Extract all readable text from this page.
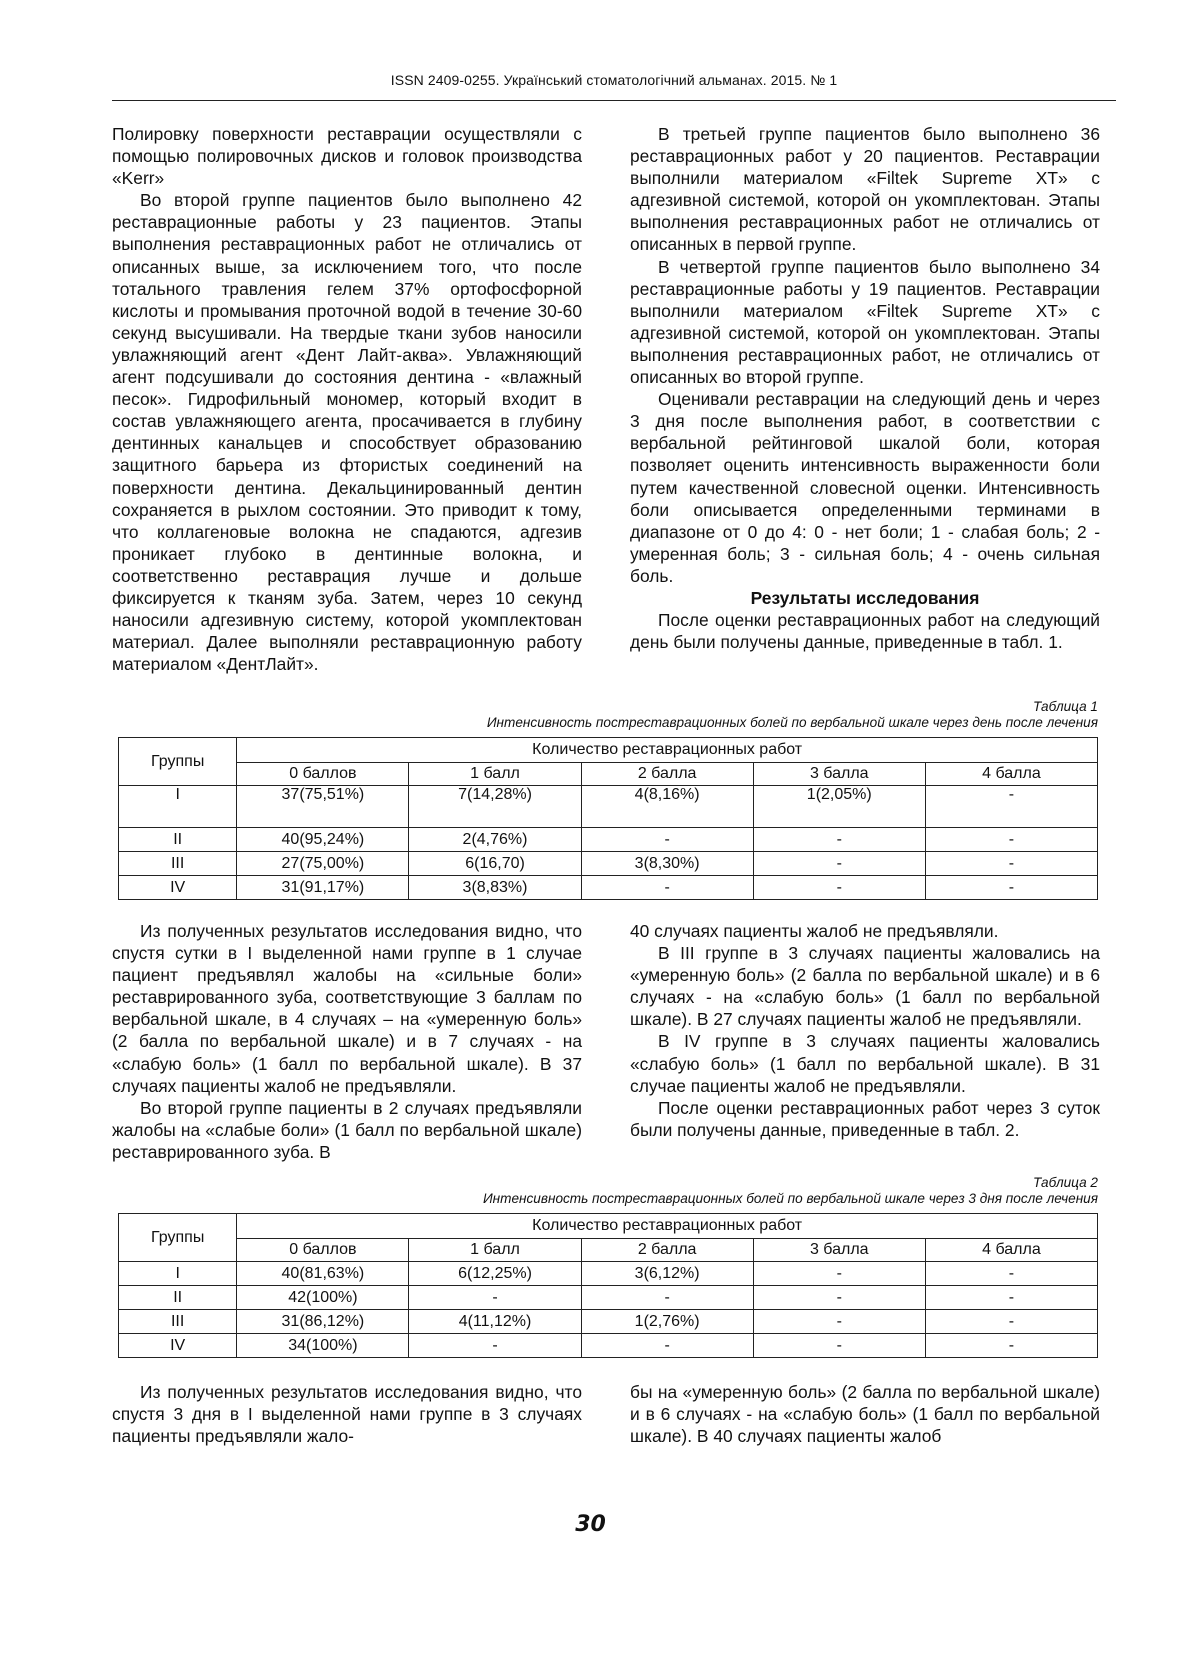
ISSN 2409-0255. Український стоматологічний альманах. 2015. № 1

Полировку поверхности реставрации осуществляли с помощью полировочных дисков и головок производства «Kerr»

Во второй группе пациентов было выполнено 42 реставрационные работы у 23 пациентов. Этапы выполнения реставрационных работ не отличались от описанных выше, за исключением того, что после тотального травления гелем 37% ортофосфорной кислоты и промывания проточной водой в течение 30-60 секунд высушивали. На твердые ткани зубов наносили увлажняющий агент «Дент Лайт-аква». Увлажняющий агент подсушивали до состояния дентина - «влажный песок». Гидрофильный мономер, который входит в состав увлажняющего агента, просачивается в глубину дентинных канальцев и способствует образованию защитного барьера из фтористых соединений на поверхности дентина. Декальцинированный дентин сохраняется в рыхлом состоянии. Это приводит к тому, что коллагеновые волокна не спадаются, адгезив проникает глубоко в дентинные волокна, и соответственно реставрация лучше и дольше фиксируется к тканям зуба. Затем, через 10 секунд наносили адгезивную систему, которой укомплектован материал. Далее выполняли реставрационную работу материалом «ДентЛайт».

В третьей группе пациентов было выполнено 36 реставрационных работ у 20 пациентов. Реставрации выполнили материалом «Filtek Supreme XT» с адгезивной системой, которой он укомплектован. Этапы выполнения реставрационных работ не отличались от описанных в первой группе.

В четвертой группе пациентов было выполнено 34 реставрационные работы у 19 пациентов. Реставрации выполнили материалом «Filtek Supreme XT» с адгезивной системой, которой он укомплектован. Этапы выполнения реставрационных работ, не отличались от описанных во второй группе.

Оценивали реставрации на следующий день и через 3 дня после выполнения работ, в соответствии с вербальной рейтинговой шкалой боли, которая позволяет оценить интенсивность выраженности боли путем качественной словесной оценки. Интенсивность боли описывается определенными терминами в диапазоне от 0 до 4: 0 - нет боли; 1 - слабая боль; 2 - умеренная боль; 3 - сильная боль; 4 - очень сильная боль.

Результаты исследования

После оценки реставрационных работ на следующий день были получены данные, приведенные в табл. 1.

Таблица 1
Интенсивность постреставрационных болей по вербальной шкале через день после лечения
Группы	Количество реставрационных работ				
	0 баллов	1 балл	2 балла	3 балла	4 балла
I	37(75,51%)	7(14,28%)	4(8,16%)	1(2,05%)	-
II	40(95,24%)	2(4,76%)	-	-	-
III	27(75,00%)	6(16,70)	3(8,30%)	-	-
IV	31(91,17%)	3(8,83%)	-	-	-

Из полученных результатов исследования видно, что спустя сутки в I выделенной нами группе в 1 случае пациент предъявлял жалобы на «сильные боли» реставрированного зуба, соответствующие 3 баллам по вербальной шкале, в 4 случаях – на «умеренную боль» (2 балла по вербальной шкале) и в 7 случаях - на «слабую боль» (1 балл по вербальной шкале). В 37 случаях пациенты жалоб не предъявляли.

Во второй группе пациенты в 2 случаях предъявляли жалобы на «слабые боли» (1 балл по вербальной шкале) реставрированного зуба. В

40 случаях пациенты жалоб не предъявляли.

В III группе в 3 случаях пациенты жаловались на «умеренную боль» (2 балла по вербальной шкале) и в 6 случаях - на «слабую боль» (1 балл по вербальной шкале). В 27 случаях пациенты жалоб не предъявляли.

В IV группе в 3 случаях пациенты жаловались «слабую боль» (1 балл по вербальной шкале). В 31 случае пациенты жалоб не предъявляли.

После оценки реставрационных работ через 3 суток были получены данные, приведенные в табл. 2.

Таблица 2
Интенсивность постреставрационных болей по вербальной шкале через 3 дня после лечения
Группы	Количество реставрационных работ				
	0 баллов	1 балл	2 балла	3 балла	4 балла
I	40(81,63%)	6(12,25%)	3(6,12%)	-	-
II	42(100%)	-	-	-	-
III	31(86,12%)	4(11,12%)	1(2,76%)	-	-
IV	34(100%)	-	-	-	-

Из полученных результатов исследования видно, что спустя 3 дня в I выделенной нами группе в 3 случаях пациенты предъявляли жало-

бы на «умеренную боль» (2 балла по вербальной шкале) и в 6 случаях - на «слабую боль» (1 балл по вербальной шкале). В 40 случаях пациенты жалоб

30
